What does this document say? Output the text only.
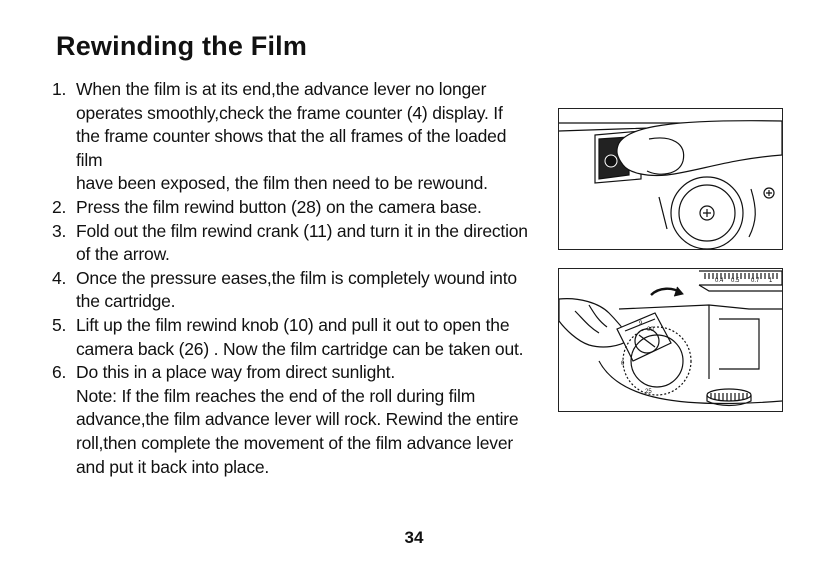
Rewinding the Film
1. When the film is at its end,the advance lever no longer
operates smoothly,check the frame counter (4) display. If
the frame counter shows that the all frames of the loaded film
have been exposed, the film then need to be rewound.
2. Press the film rewind button (28) on the camera base.
3. Fold out the film rewind crank (11) and turn it in the direction
of the arrow.
4. Once the pressure eases,the film is completely wound into
the cartridge.
5. Lift up the film rewind knob (10) and pull it out to open the
camera back (26) . Now the film cartridge can be taken out.
6. Do this in a place way from direct sunlight.
Note: If the film reaches the end of the roll during film
advance,the film advance lever will rock. Rewind the entire
roll,then complete the movement of the film advance lever
and put it back into place.
0.4 0.5 0.7 1
9
00
25
0
34
